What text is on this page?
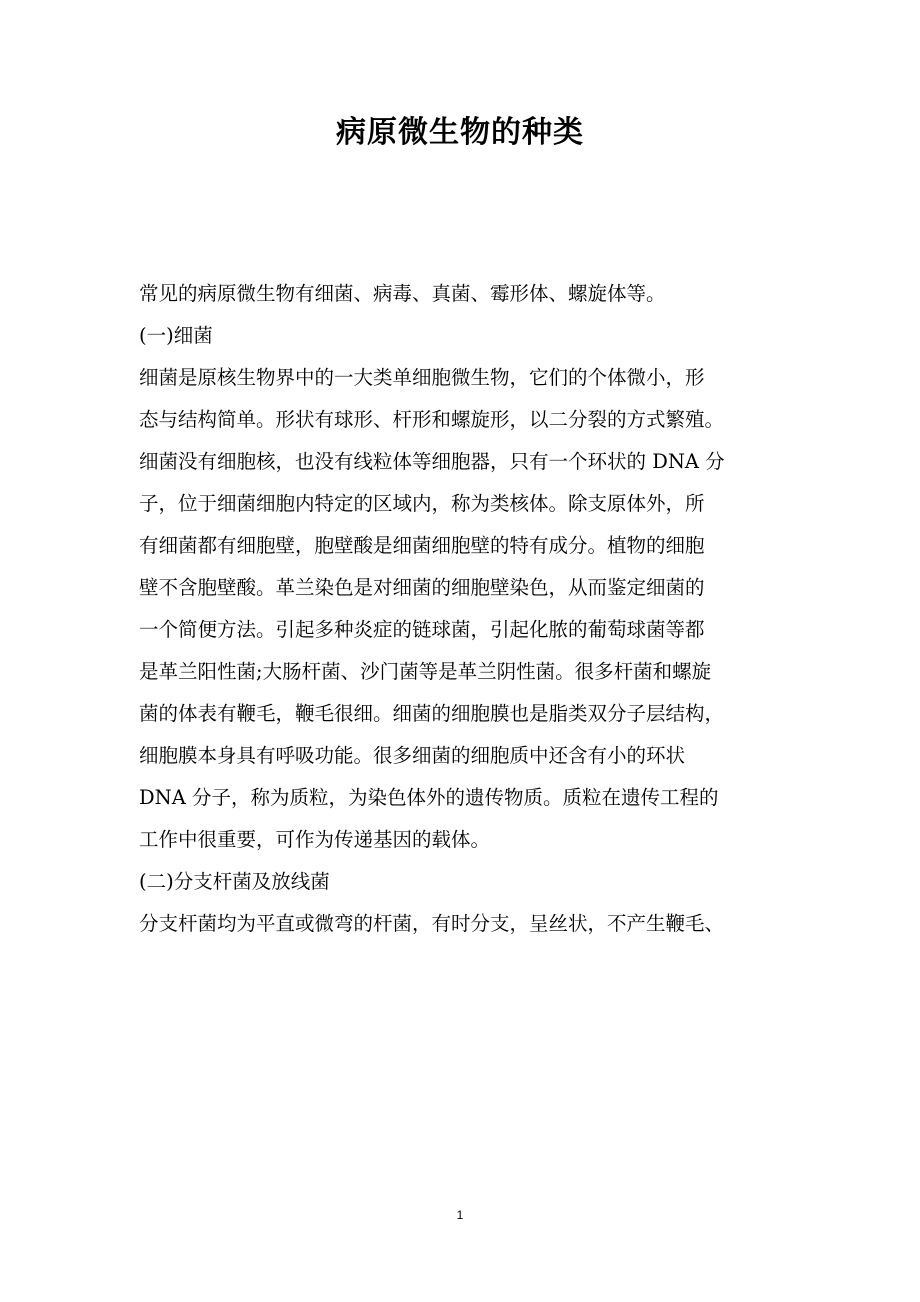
病原微生物的种类

常见的病原微生物有细菌、病毒、真菌、霉形体、螺旋体等。

(一)细菌

细菌是原核生物界中的一大类单细胞微生物，它们的个体微小，形

态与结构简单。形状有球形、杆形和螺旋形，以二分裂的方式繁殖。

细菌没有细胞核，也没有线粒体等细胞器，只有一个环状的 DNA 分

子，位于细菌细胞内特定的区域内，称为类核体。除支原体外，所

有细菌都有细胞壁，胞壁酸是细菌细胞壁的特有成分。植物的细胞

壁不含胞壁酸。革兰染色是对细菌的细胞壁染色，从而鉴定细菌的

一个简便方法。引起多种炎症的链球菌，引起化脓的葡萄球菌等都

是革兰阳性菌;大肠杆菌、沙门菌等是革兰阴性菌。很多杆菌和螺旋

菌的体表有鞭毛，鞭毛很细。细菌的细胞膜也是脂类双分子层结构，

细胞膜本身具有呼吸功能。很多细菌的细胞质中还含有小的环状

DNA 分子，称为质粒，为染色体外的遗传物质。质粒在遗传工程的

工作中很重要，可作为传递基因的载体。

(二)分支杆菌及放线菌

分支杆菌均为平直或微弯的杆菌，有时分支，呈丝状，不产生鞭毛、

1
